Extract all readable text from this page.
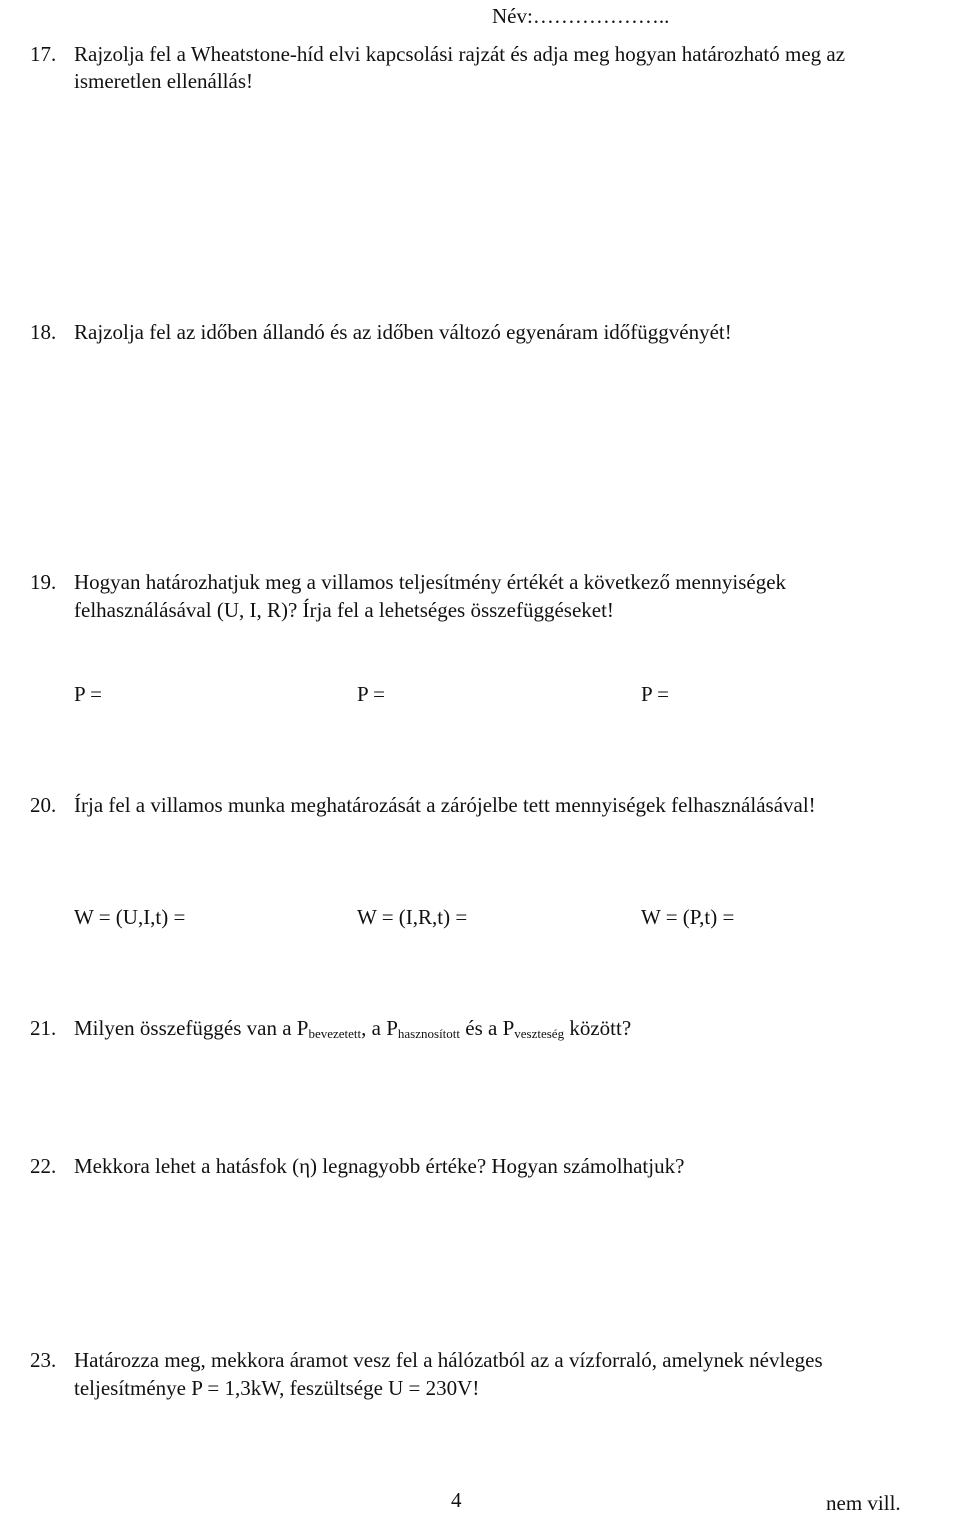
Név:………………..
17. Rajzolja fel a Wheatstone-híd elvi kapcsolási rajzát és adja meg hogyan határozható meg az
ismeretlen ellenállás!
18. Rajzolja fel az időben állandó és az időben változó egyenáram időfüggvényét!
19. Hogyan határozhatjuk meg a villamos teljesítmény értékét a következő mennyiségek
felhasználásával (U, I, R)? Írja fel a lehetséges összefüggéseket!
P =	P =	P =
20. Írja fel a villamos munka meghatározását a zárójelbe tett mennyiségek felhasználásával!
W = (U,I,t) =	W = (I,R,t) =	W = (P,t) =
21. Milyen összefüggés van a $P_{bevezetett}$, a $P_{hasznosított}$ és a $P_{veszteség}$ között?
22. Mekkora lehet a hatásfok (η) legnagyobb értéke? Hogyan számolhatjuk?
23. Határozza meg, mekkora áramot vesz fel a hálózatból az a vízforraló, amelynek névleges
teljesítménye P = 1,3kW, feszültsége U = 230V!
4	nem vill.
